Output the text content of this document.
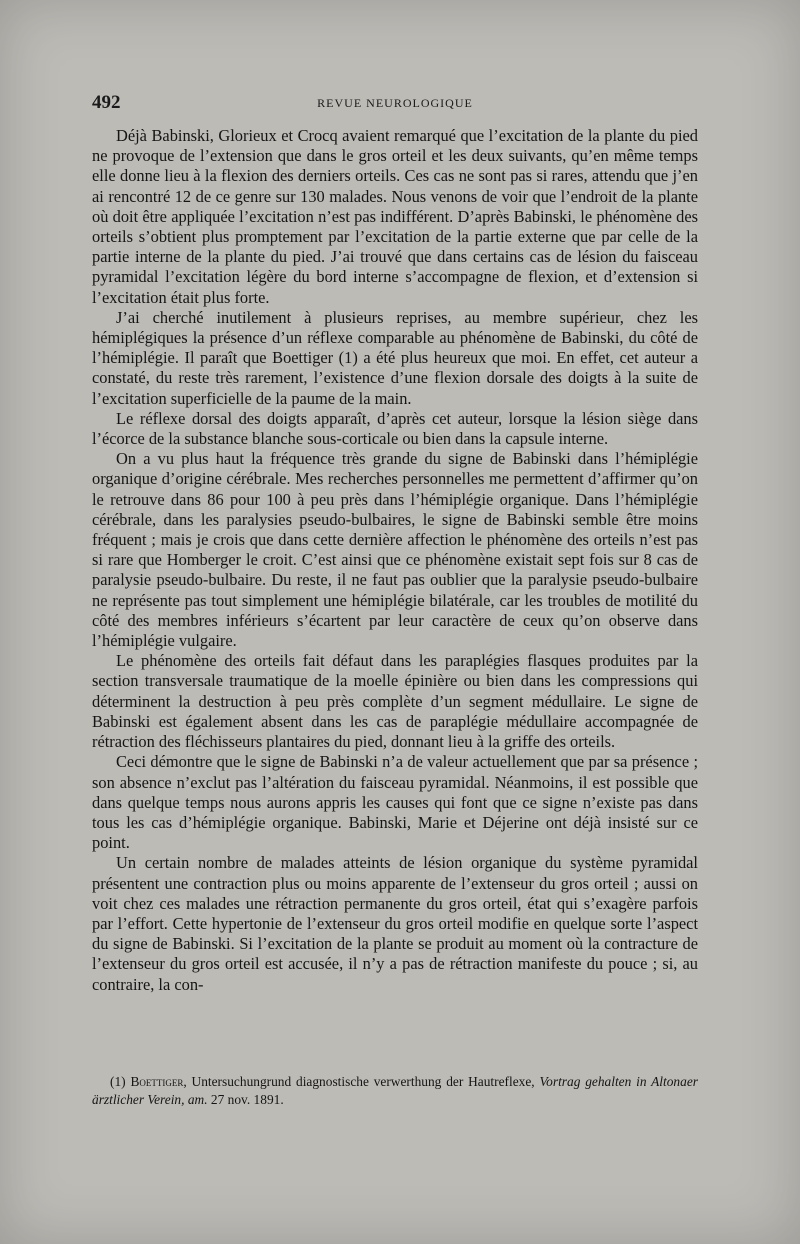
492	REVUE NEUROLOGIQUE

Déjà Babinski, Glorieux et Crocq avaient remarqué que l’excitation de la plante du pied ne provoque de l’extension que dans le gros orteil et les deux suivants, qu’en même temps elle donne lieu à la flexion des derniers orteils. Ces cas ne sont pas si rares, attendu que j’en ai rencontré 12 de ce genre sur 130 malades. Nous venons de voir que l’endroit de la plante où doit être appliquée l’excitation n’est pas indifférent. D’après Babinski, le phénomène des orteils s’obtient plus promptement par l’excitation de la partie externe que par celle de la partie interne de la plante du pied. J’ai trouvé que dans certains cas de lésion du faisceau pyramidal l’excitation légère du bord interne s’accompagne de flexion, et d’extension si l’excitation était plus forte.

J’ai cherché inutilement à plusieurs reprises, au membre supérieur, chez les hémiplégiques la présence d’un réflexe comparable au phénomène de Babinski, du côté de l’hémiplégie. Il paraît que Boettiger (1) a été plus heureux que moi. En effet, cet auteur a constaté, du reste très rarement, l’existence d’une flexion dorsale des doigts à la suite de l’excitation superficielle de la paume de la main.

Le réflexe dorsal des doigts apparaît, d’après cet auteur, lorsque la lésion siège dans l’écorce de la substance blanche sous-corticale ou bien dans la capsule interne.

On a vu plus haut la fréquence très grande du signe de Babinski dans l’hémiplégie organique d’origine cérébrale. Mes recherches personnelles me permettent d’affirmer qu’on le retrouve dans 86 pour 100 à peu près dans l’hémiplégie organique. Dans l’hémiplégie cérébrale, dans les paralysies pseudo-bulbaires, le signe de Babinski semble être moins fréquent ; mais je crois que dans cette dernière affection le phénomène des orteils n’est pas si rare que Homberger le croit. C’est ainsi que ce phénomène existait sept fois sur 8 cas de paralysie pseudo-bulbaire. Du reste, il ne faut pas oublier que la paralysie pseudo-bulbaire ne représente pas tout simplement une hémiplégie bilatérale, car les troubles de motilité du côté des membres inférieurs s’écartent par leur caractère de ceux qu’on observe dans l’hémiplégie vulgaire.

Le phénomène des orteils fait défaut dans les paraplégies flasques produites par la section transversale traumatique de la moelle épinière ou bien dans les compressions qui déterminent la destruction à peu près complète d’un segment médullaire. Le signe de Babinski est également absent dans les cas de paraplégie médullaire accompagnée de rétraction des fléchisseurs plantaires du pied, donnant lieu à la griffe des orteils.

Ceci démontre que le signe de Babinski n’a de valeur actuellement que par sa présence ; son absence n’exclut pas l’altération du faisceau pyramidal. Néanmoins, il est possible que dans quelque temps nous aurons appris les causes qui font que ce signe n’existe pas dans tous les cas d’hémiplégie organique. Babinski, Marie et Déjerine ont déjà insisté sur ce point.

Un certain nombre de malades atteints de lésion organique du système pyramidal présentent une contraction plus ou moins apparente de l’extenseur du gros orteil ; aussi on voit chez ces malades une rétraction permanente du gros orteil, état qui s’exagère parfois par l’effort. Cette hypertonie de l’extenseur du gros orteil modifie en quelque sorte l’aspect du signe de Babinski. Si l’excitation de la plante se produit au moment où la contracture de l’extenseur du gros orteil est accusée, il n’y a pas de rétraction manifeste du pouce ; si, au contraire, la con-

(1) Boettiger, Untersuchungrund diagnostische verwerthung der Hautreflexe, Vortrag gehalten in Altonaer ärztlicher Verein, am. 27 nov. 1891.
